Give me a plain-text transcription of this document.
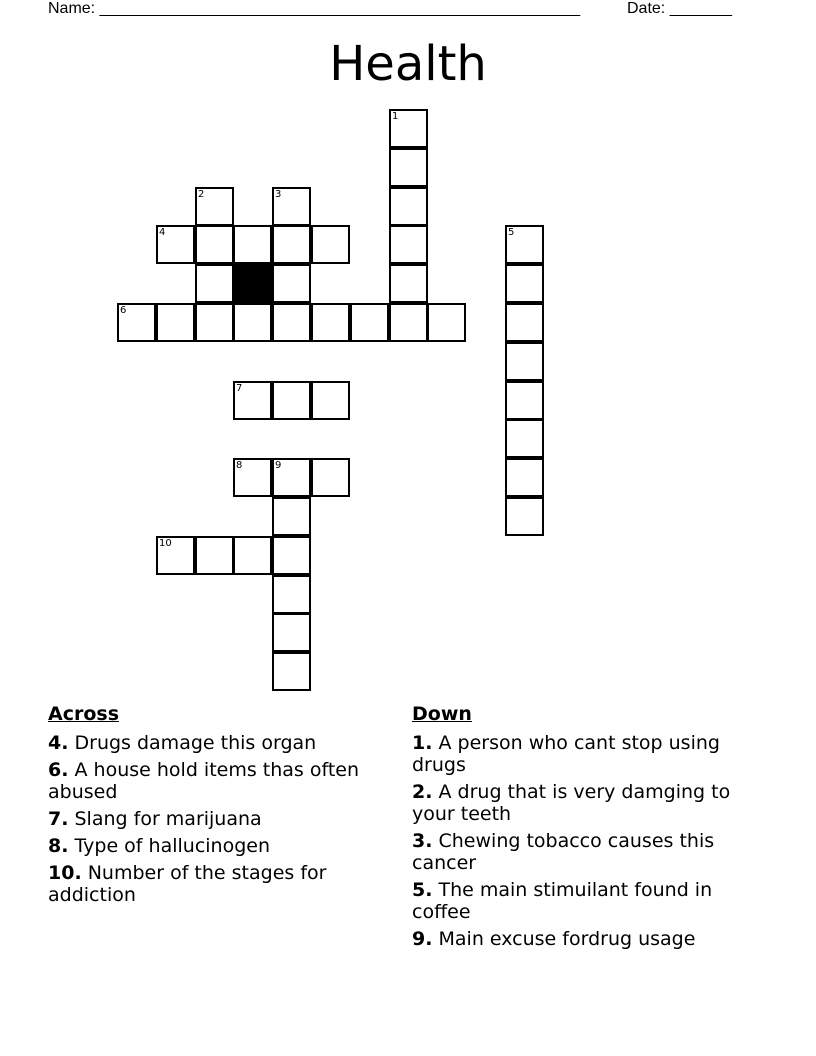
Name: ______________________________________________________	Date: _______
Health
1
2	3
4	5
6
7
8	9
10
Across
4. Drugs damage this organ
6. A house hold items thas often abused
7. Slang for marijuana
8. Type of hallucinogen
10. Number of the stages for addiction
Down
1. A person who cant stop using drugs
2. A drug that is very damging to your teeth
3. Chewing tobacco causes this cancer
5. The main stimuilant found in coffee
9. Main excuse fordrug usage
